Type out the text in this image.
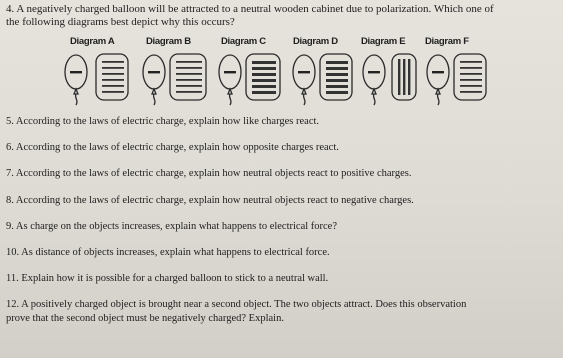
4. A negatively charged balloon will be attracted to a neutral wooden cabinet due to polarization. Which one of
the following diagrams best depict why this occurs?
Diagram A	Diagram B	Diagram C	Diagram D Diagram E Diagram F
5. According to the laws of electric charge, explain how like charges react.
6. According to the laws of electric charge, explain how opposite charges react.
7. According to the laws of electric charge, explain how neutral objects react to positive charges.
8. According to the laws of electric charge, explain how neutral objects react to negative charges.
9. As charge on the objects increases, explain what happens to electrical force?
10. As distance of objects increases, explain what happens to electrical force.
11. Explain how it is possible for a charged balloon to stick to a neutral wall.
12. A positively charged object is brought near a second object. The two objects attract. Does this observation
prove that the second object must be negatively charged? Explain.
